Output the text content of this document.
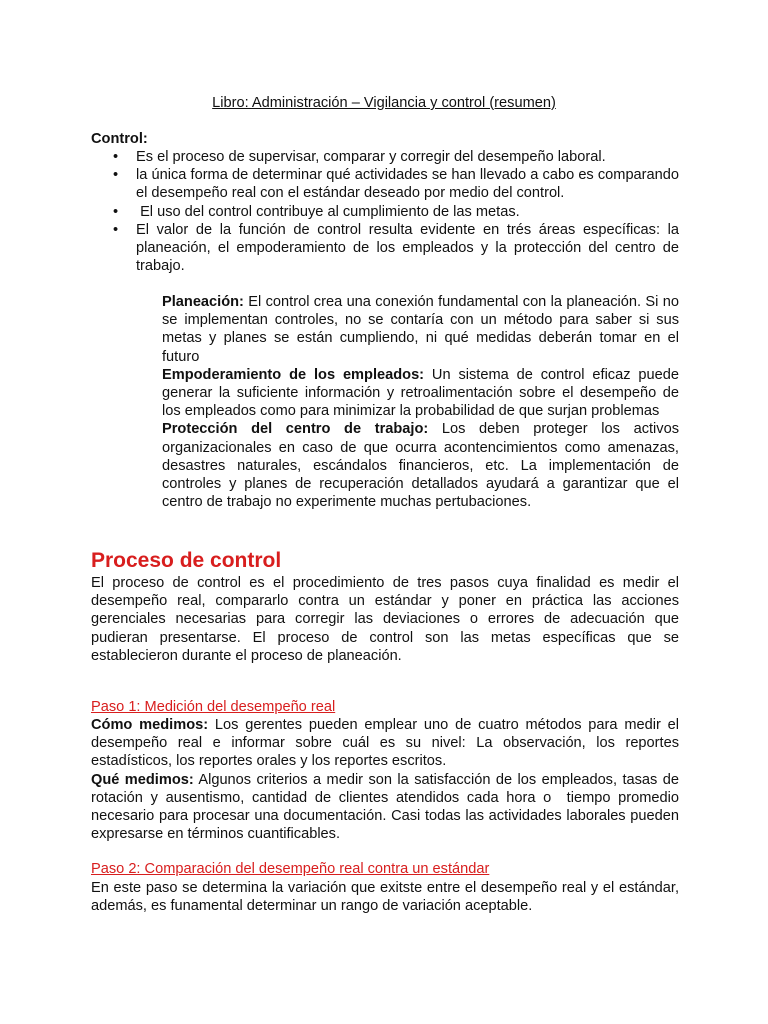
Libro: Administración – Vigilancia y control (resumen)
Control:
• Es el proceso de supervisar, comparar y corregir del desempeño laboral.
• la única forma de determinar qué actividades se han llevado a cabo es comparando el desempeño real con el estándar deseado por medio del control.
• El uso del control contribuye al cumplimiento de las metas.
• El valor de la función de control resulta evidente en trés áreas específicas: la planeación, el empoderamiento de los empleados y la protección del centro de trabajo.

Planeación: El control crea una conexión fundamental con la planeación. Si no se implementan controles, no se contaría con un método para saber si sus metas y planes se están cumpliendo, ni qué medidas deberán tomar en el futuro

Empoderamiento de los empleados: Un sistema de control eficaz puede generar la suficiente información y retroalimentación sobre el desempeño de los empleados como para minimizar la probabilidad de que surjan problemas

Protección del centro de trabajo: Los deben proteger los activos organizacionales en caso de que ocurra acontencimientos como amenazas, desastres naturales, escándalos financieros, etc. La implementación de controles y planes de recuperación detallados ayudará a garantizar que el centro de trabajo no experimente muchas pertubaciones.

Proceso de control

El proceso de control es el procedimiento de tres pasos cuya finalidad es medir el desempeño real, compararlo contra un estándar y poner en práctica las acciones gerenciales necesarias para corregir las deviaciones o errores de adecuación que pudieran presentarse. El proceso de control son las metas específicas que se establecieron durante el proceso de planeación.

Paso 1: Medición del desempeño real

Cómo medimos: Los gerentes pueden emplear uno de cuatro métodos para medir el desempeño real e informar sobre cuál es su nivel: La observación, los reportes estadísticos, los reportes orales y los reportes escritos.

Qué medimos: Algunos criterios a medir son la satisfacción de los empleados, tasas de rotación y ausentismo, cantidad de clientes atendidos cada hora o  tiempo promedio necesario para procesar una documentación. Casi todas las actividades laborales pueden expresarse en términos cuantificables.

Paso 2: Comparación del desempeño real contra un estándar

En este paso se determina la variación que exitste entre el desempeño real y el estándar, además, es funamental determinar un rango de variación aceptable.
